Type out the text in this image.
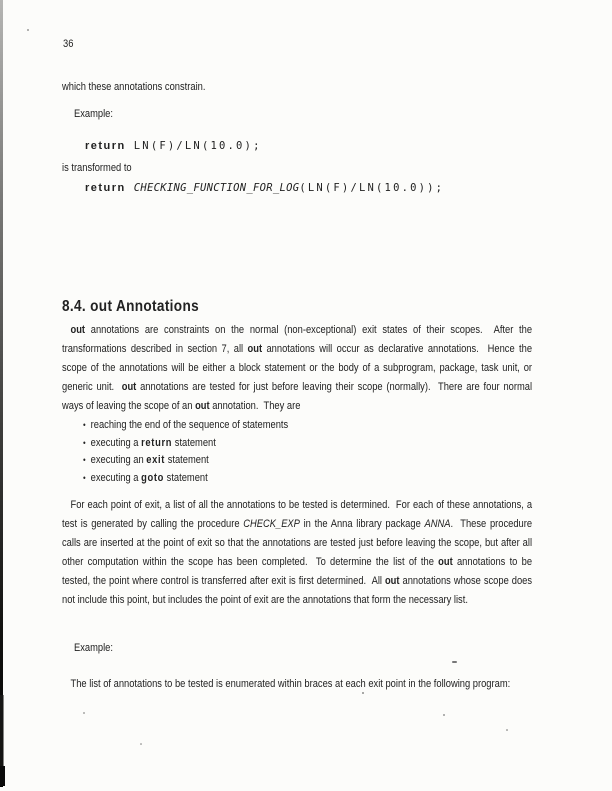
36
which these annotations constrain.
Example:
return LN(F)/LN(10.0);
is transformed to
return CHECKING_FUNCTION_FOR_LOG(LN(F)/LN(10.0));
8.4. out Annotations
out annotations are constraints on the normal (non-exceptional) exit states of their scopes.  After the transformations described in section 7, all out annotations will occur as declarative annotations.  Hence the scope of the annotations will be either a block statement or the body of a subprogram, package, task unit, or generic unit.  out annotations are tested for just before leaving their scope (normally).  There are four normal ways of leaving the scope of an out annotation.  They are
• reaching the end of the sequence of statements
• executing a return statement
• executing an exit statement
• executing a goto statement
For each point of exit, a list of all the annotations to be tested is determined.  For each of these annotations, a test is generated by calling the procedure CHECK_EXP in the Anna library package ANNA.  These procedure calls are inserted at the point of exit so that the annotations are tested just before leaving the scope, but after all other computation within the scope has been completed.  To determine the list of the out annotations to be tested, the point where control is transferred after exit is first determined.  All out annotations whose scope does not include this point, but includes the point of exit are the annotations that form the necessary list.
Example:
The list of annotations to be tested is enumerated within braces at each exit point in the following program:
